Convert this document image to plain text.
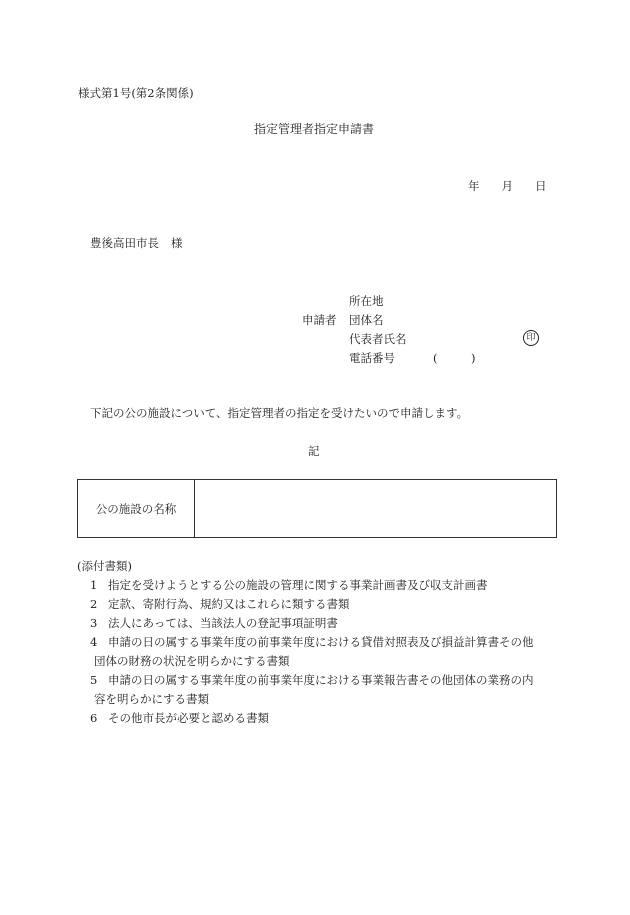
様式第1号(第2条関係)
指定管理者指定申請書
年 月 日
豊後高田市長 様
申請者
所在地
団体名
代表者氏名	印
電話番号	(	)
下記の公の施設について、指定管理者の指定を受けたいので申請します。
記
公の施設の名称	
(添付書類)
1 指定を受けようとする公の施設の管理に関する事業計画書及び収支計画書
2 定款、寄附行為、規約又はこれらに類する書類
3 法人にあっては、当該法人の登記事項証明書
4 申請の日の属する事業年度の前事業年度における貸借対照表及び損益計算書その他
団体の財務の状況を明らかにする書類
5 申請の日の属する事業年度の前事業年度における事業報告書その他団体の業務の内
容を明らかにする書類
6 その他市長が必要と認める書類
